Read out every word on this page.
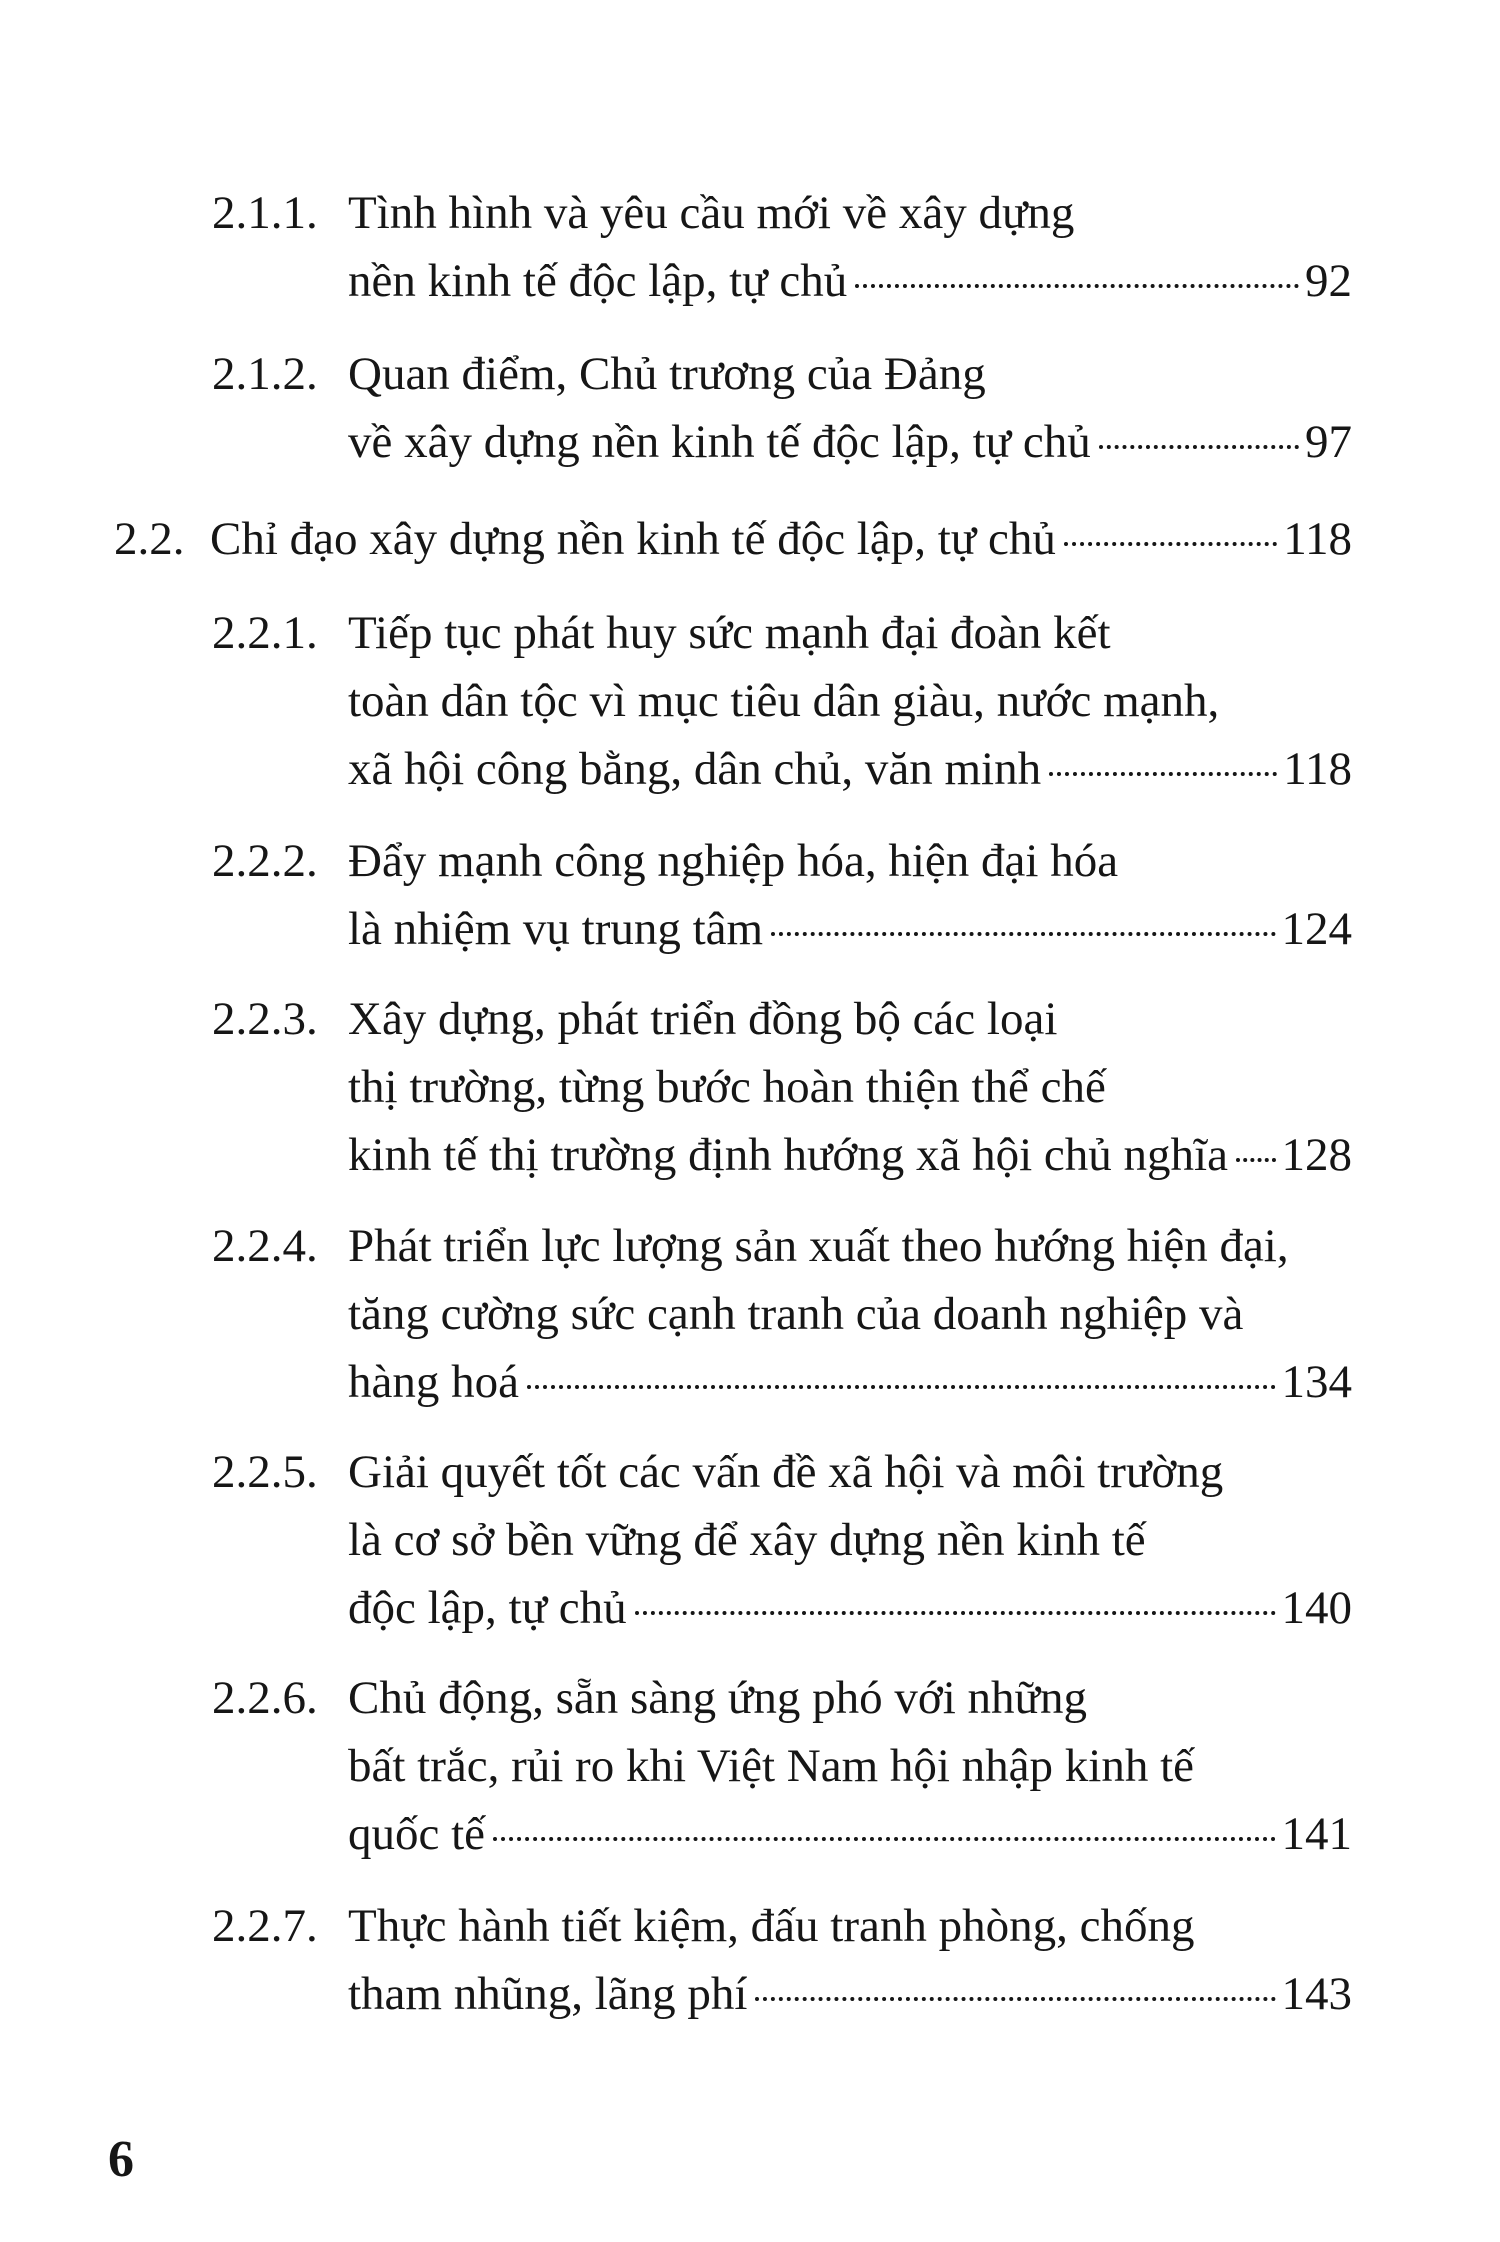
2.1.1. Tình hình và yêu cầu mới về xây dựng
nền kinh tế độc lập, tự chủ	92
2.1.2. Quan điểm, Chủ trương của Đảng
về xây dựng nền kinh tế độc lập, tự chủ	97
2.2. Chỉ đạo xây dựng nền kinh tế độc lập, tự chủ	118
2.2.1. Tiếp tục phát huy sức mạnh đại đoàn kết
toàn dân tộc vì mục tiêu dân giàu, nước mạnh,
xã hội công bằng, dân chủ, văn minh	118
2.2.2. Đẩy mạnh công nghiệp hóa, hiện đại hóa
là nhiệm vụ trung tâm	124
2.2.3. Xây dựng, phát triển đồng bộ các loại
thị trường, từng bước hoàn thiện thể chế
kinh tế thị trường định hướng xã hội chủ nghĩa 128
2.2.4. Phát triển lực lượng sản xuất theo hướng hiện đại,
tăng cường sức cạnh tranh của doanh nghiệp và
hàng hoá	134
2.2.5. Giải quyết tốt các vấn đề xã hội và môi trường
là cơ sở bền vững để xây dựng nền kinh tế
độc lập, tự chủ	140
2.2.6. Chủ động, sẵn sàng ứng phó với những
bất trắc, rủi ro khi Việt Nam hội nhập kinh tế
quốc tế	141
2.2.7. Thực hành tiết kiệm, đấu tranh phòng, chống
tham nhũng, lãng phí	143
6
